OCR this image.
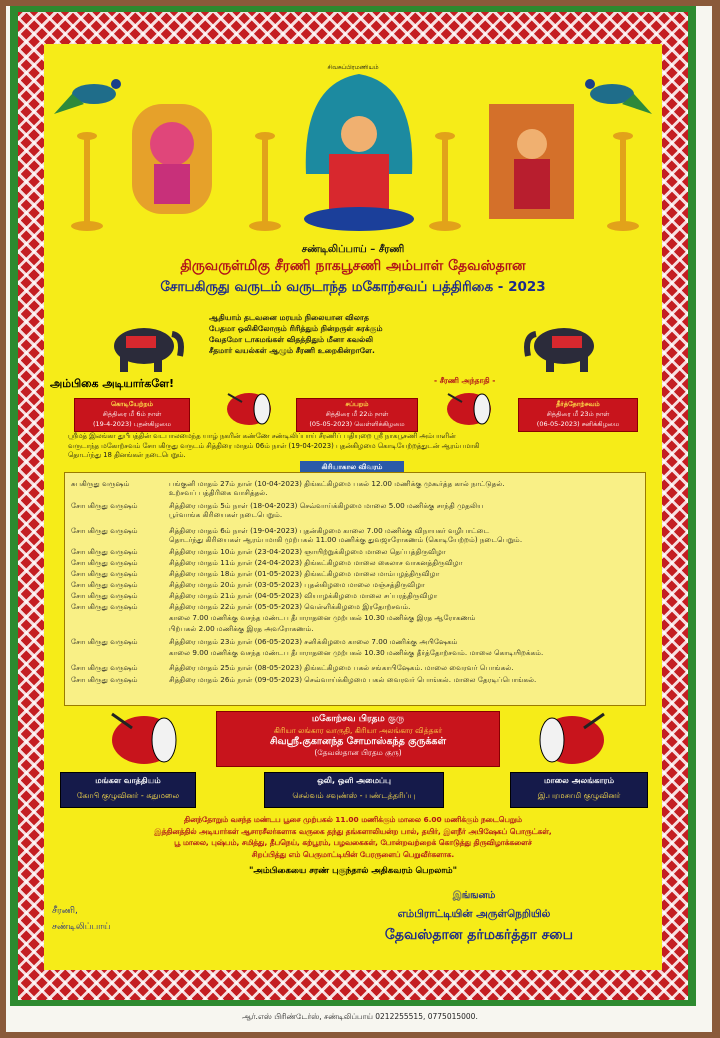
சிவசுப்பிரமணியம்
சண்டிலிப்பாய் – சீரணி
திருவருள்மிகு சீரணி நாகபூசணி அம்பாள் தேவஸ்தான
சோபகிருது வருடம் வருடாந்த மகோற்சவப் பத்திரிகை - 2023
ஆதியாம் தடவனை மரயம் நிலையான விலாத
பேதமா ஒலிகிலோரும் ரிரித்தும் நின்றருள் சுரக்கும்
வேதமோ டாகமங்கள் விதத்திதும் மீனா கவல்லி
சீதமார் வயல்கள் ஆழும் சீரணி உறைகின்றாளே.
- சீரணி அந்தாதி -
அம்பிகை அடியார்களே!
கொடியேற்றம்
சித்திரை மீ 6ம் நாள்
(19-4-2023) புதன்கிழமை
சப்பறம்
சித்திரை மீ 22ம் நாள்
(05-05-2023) வெள்ளிக்கிழமை
தீர்த்தோற்சவம்
சித்திரை மீ 23ம் நாள்
(06-05-2023) சனிக்கிழமை
ஸ்ரீமத் இலங்கா துபீபத்தின் வடபாலமைந்த யாழ் நகரின் கண்ணே சண்டிலிப்பாய் சீரணிப் பதியுறை ஸ்ரீ நாகபூசணி அம்பாளின்
வருடாந்த மகோற்சவம் சோபகிருது வருடம் சித்திரை மாதம் 06ம் நாள் (19-04-2023) புதன்கிழமை கொடியேற்றத்துடன் ஆரம்பமாகி
தொடர்ந்து 18 தினங்கள் நடைபெறும்.
கிரியாகால விவரம்
சுபகிருது வருஷம்	பங்குனி மாதம் 27ம் நாள் (10-04-2023) திங்கட்கிழமை பகல் 12.00 மணிக்கு முகூர்த்த கால் நாட்டுதல்.
உற்சவப் பத்திரிகை வாசித்தல்.
சோபகிருது வருஷம்	சித்திரை மாதம் 5ம் நாள் (18-04-2023) செவ்வாய்க்கிழமை மாலை 5.00 மணிக்கு சாந்தி முதலிய
பூர்வாங்க கிரியைகள் நடைபெறும்.
சோபகிருது வருஷம்	சித்திரை மாதம் 6ம் நாள் (19-04-2023) புதன்கிழமை காலை 7.00 மணிக்கு விநாயகர் வழிபாட்டை
தொடர்ந்து கிரியைகள் ஆரம்பமாகி முற்பகல் 11.00 மணிக்கு துவஜாரோகணம் (கொடியேற்றம்) நடைபெறும்.
சோபகிருது வருஷம்	சித்திரை மாதம் 10ம் நாள் (23-04-2023) ஞாயிற்றுக்கிழமை மாலை தெப்பத்திருவிழா
சோபகிருது வருஷம்	சித்திரை மாதம் 11ம் நாள் (24-04-2023) திங்கட்கிழமை மாலை கைலாச வாகனத்திருவிழா
சோபகிருது வருஷம்	சித்திரை மாதம் 18ம் நாள் (01-05-2023) திங்கட்கிழமை மாலை மாம்பழத்திருவிழா
சோபகிருது வருஷம்	சித்திரை மாதம் 20ம் நாள் (03-05-2023) புதன்கிழமை மாலை மஞ்சத்திருவிழா
சோபகிருது வருஷம்	சித்திரை மாதம் 21ம் நாள் (04-05-2023) வியாழக்கிழமை மாலை சப்பரத்திருவிழா
சோபகிருது வருஷம்	சித்திரை மாதம் 22ம் நாள் (05-05-2023) வெள்ளிக்கிழமை இரதோற்சவம்.
காலை 7.00 மணிக்கு வசந்த மண்டப தீபாராதனை முற்பகல் 10.30 மணிக்கு இரத ஆரோகணம்
பிற்பகல் 2.00 மணிக்கு இரத அவரோகணம்.
சோபகிருது வருஷம்	சித்திரை மாதம் 23ம் நாள் (06-05-2023) சனிக்கிழமை காலை 7.00 மணிக்கு அபிஷேகம்
காலை 9.00 மணிக்கு வசந்த மண்டப தீபாராதனை முற்பகல் 10.30 மணிக்கு தீர்த்தோற்சவம். மாலை கொடியிறக்கம்.
சோபகிருது வருஷம்	சித்திரை மாதம் 25ம் நாள் (08-05-2023) திங்கட்கிழமை பகல் சங்காபிஷேகம். மாலை வைரவர் பொங்கல்.
சோபகிருது வருஷம்	சித்திரை மாதம் 26ம் நாள் (09-05-2023) செவ்வாய்க்கிழமை பகல் வைரவர் பொங்கல். மாலை தேரடிப்பொங்கல்.
மகோற்சவ பிரதம குரு
கிரியா லங்கார வாருதி, கிரியா அலங்கார வித்தகர்
சிவஸ்ரீ.குகானந்த சோமாஸ்கந்த குருக்கள்
(தேவஸ்தான பிரதம குரு)
மங்கள வாத்தியம்
கோபி குழுவினர் - சுதுமலை
ஒலி, ஒளி அமைப்பு
செல்வம் சவுண்ஸ் - பண்டத்தரிப்பு
மாலை அலங்காரம்
இ.பரமசாமி குழுவினர்
தினந்தோறும் வசந்த மண்டப பூசை முற்பகல் 11.00 மணிக்கும் மாலை 6.00 மணிக்கும் நடைபெறும்
இத்தினத்தில் அடியார்கள் ஆசாரசீலர்களாக வருகை தந்து தங்களாலியன்ற பால், தயிர், இளநீர் அபிஷேகப் பொருட்கள்,
பூ மாலை, புஷ்பம், சமித்து, தீபநெய், கற்பூரம், பழவகைகள், போன்றவற்றைக் கொடுத்து திருவிழாக்களைச்
சிறப்பித்து எம் பெருமாட்டியின் பேரருளைப் பெறுவீர்களாக.
"அம்பிகையை சரண் புகுந்தால் அதிகவரம் பெறலாம்"
இங்ஙனம்
எம்பிராட்டியின் அருள்நெறியில்
தேவஸ்தான தர்மகர்த்தா சபை
சீரணி,
சண்டிலிப்பாய்
ஆர்.எஸ் பிரிண்டேர்ஸ், சண்டிலிப்பாய் 0212255515, 0775015000.
